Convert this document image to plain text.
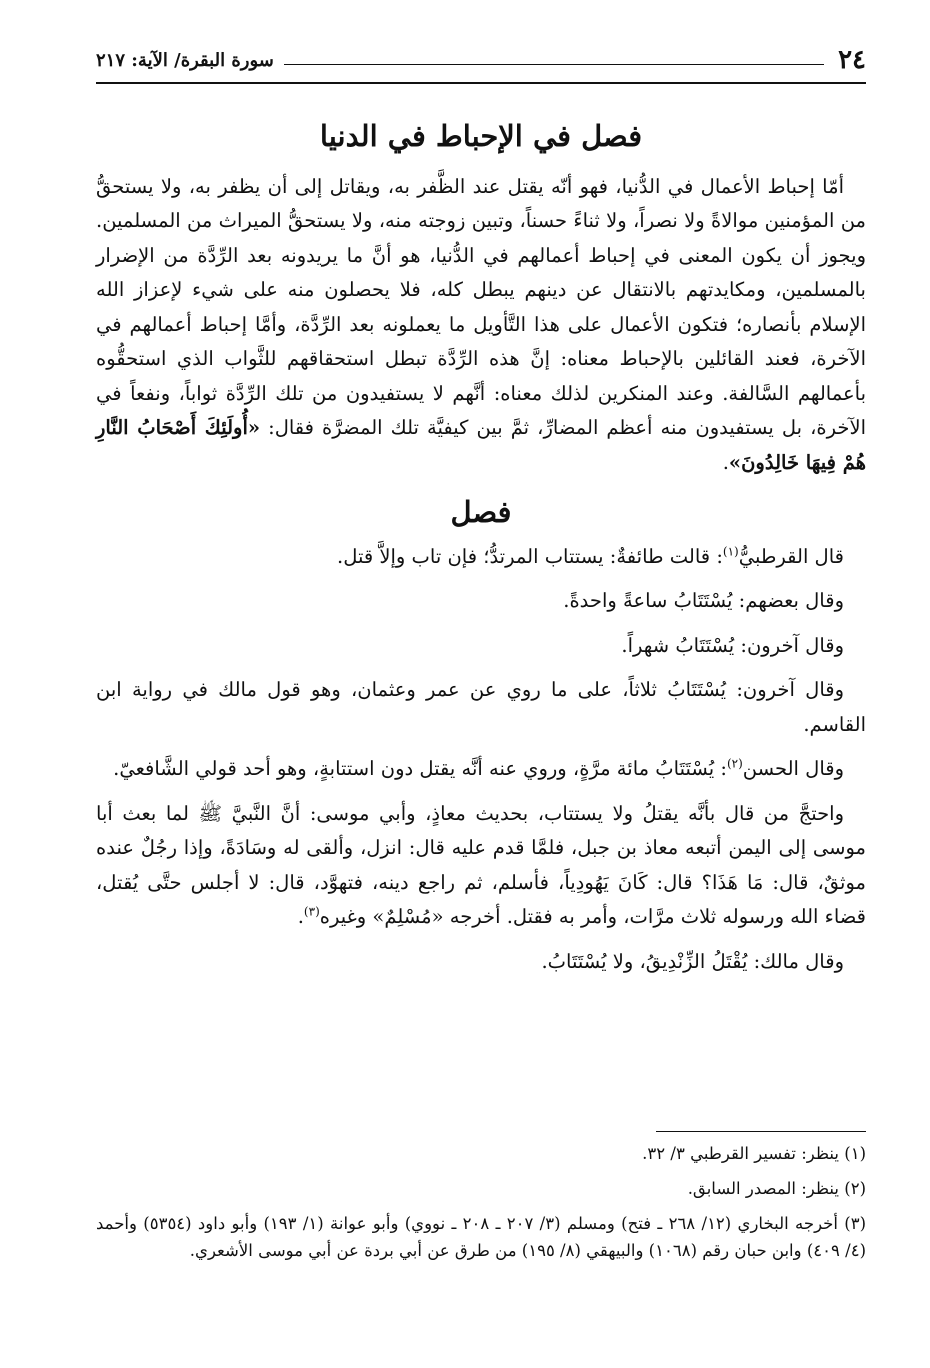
٢٤
سورة البقرة/ الآية: ٢١٧
فصل في الإحباط في الدنيا

أمّا إحباط الأعمال في الدُّنيا، فهو أنّه يقتل عند الظَّفر به، ويقاتل إلى أن يظفر به، ولا يستحقُّ من المؤمنين موالاةً ولا نصراً، ولا ثناءً حسناً، وتبين زوجته منه، ولا يستحقُّ الميراث من المسلمين. ويجوز أن يكون المعنى في إحباط أعمالهم في الدُّنيا، هو أنَّ ما يريدونه بعد الرِّدَّة من الإضرار بالمسلمين، ومكايدتهم بالانتقال عن دينهم يبطل كله، فلا يحصلون منه على شيء لإعزاز الله الإسلام بأنصاره؛ فتكون الأعمال على هذا التَّأويل ما يعملونه بعد الرِّدَّة، وأمَّا إحباط أعمالهم في الآخرة، فعند القائلين بالإحباط معناه: إنَّ هذه الرِّدَّة تبطل استحقاقهم للثَّواب الذي استحقُّوه بأعمالهم السَّالفة. وعند المنكرين لذلك معناه: أنَّهم لا يستفيدون من تلك الرِّدَّة ثواباً، ونفعاً في الآخرة، بل يستفيدون منه أعظم المضارِّ، ثمَّ بين كيفيَّة تلك المضرَّة فقال: «أُولَئِكَ أَصْحَابُ النَّارِ هُمْ فِيهَا خَالِدُونَ».

فصل

قال القرطبيُّ$^{(١)}$: قالت طائفةٌ: يستتاب المرتدُّ؛ فإن تاب وإلاَّ قتل.

وقال بعضهم: يُسْتَتَابُ ساعةً واحدةً.

وقال آخرون: يُسْتَتَابُ شهراً.

وقال آخرون: يُسْتَتَابُ ثلاثاً، على ما روي عن عمر وعثمان، وهو قول مالك في رواية ابن القاسم.

وقال الحسن$^{(٢)}$: يُسْتَتَابُ مائة مرَّةٍ، وروي عنه أنَّه يقتل دون استتابةٍ، وهو أحد قولي الشَّافعيّ.

واحتجَّ من قال بأنَّه يقتلُ ولا يستتاب، بحديث معاذٍ، وأبي موسى: أنَّ النَّبيَّ ﷺ لما بعث أبا موسى إلى اليمن أتبعه معاذ بن جبل، فلمَّا قدم عليه قال: انزل، وألقى له وسَادَةً، وإذا رجُلٌ عنده موثقٌ، قال: مَا هَذَا؟ قال: كَانَ يَهُودِياً، فأسلم، ثم راجع دينه، فتهوَّد، قال: لا أجلس حتَّى يُقتل، قضاء الله ورسوله ثلاث مرَّات، وأمر به فقتل. أخرجه «مُسْلِمٌ» وغيره$^{(٣)}$.

وقال مالك: يُقْتَلُ الزِّنْدِيقُ، ولا يُسْتَتَابُ.

(١) ينظر: تفسير القرطبي ٣/ ٣٢.

(٢) ينظر: المصدر السابق.

(٣) أخرجه البخاري (١٢/ ٢٦٨ ـ فتح) ومسلم (٣/ ٢٠٧ ـ ٢٠٨ ـ نووي) وأبو عوانة (١/ ١٩٣) وأبو داود (٥٣٥٤) وأحمد (٤/ ٤٠٩) وابن حبان رقم (١٠٦٨) والبيهقي (٨/ ١٩٥) من طرق عن أبي بردة عن أبي موسى الأشعري.
